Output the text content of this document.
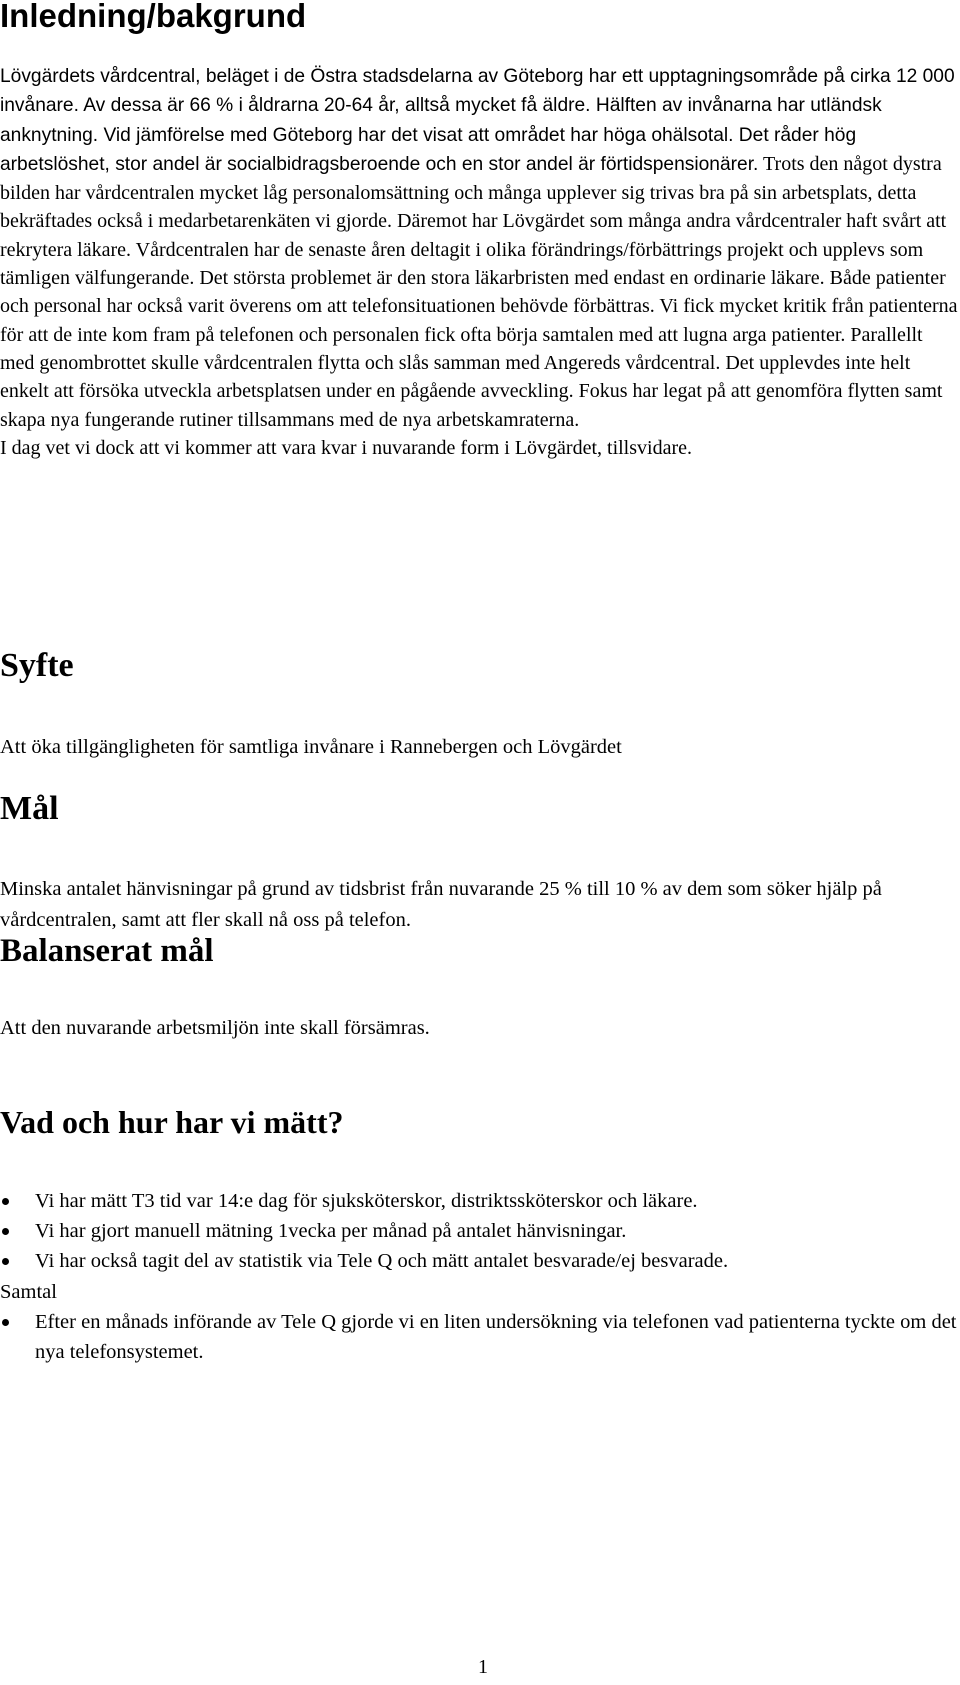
Inledning/bakgrund

Lövgärdets vårdcentral, beläget i de Östra stadsdelarna av Göteborg har ett upptagningsområde på cirka 12 000 invånare. Av dessa är 66 % i åldrarna 20-64 år, alltså mycket få äldre. Hälften av invånarna har utländsk anknytning. Vid jämförelse med Göteborg har det visat att området har höga ohälsotal. Det råder hög arbetslöshet, stor andel är socialbidragsberoende och en stor andel är förtidspensionärer. Trots den något dystra bilden har vårdcentralen mycket låg personalomsättning och många upplever sig trivas bra på sin arbetsplats, detta bekräftades också i medarbetarenkäten vi gjorde. Däremot har Lövgärdet som många andra vårdcentraler haft svårt att rekrytera läkare. Vårdcentralen har de senaste åren deltagit i olika förändrings/förbättrings projekt och upplevs som tämligen välfungerande. Det största problemet är den stora läkarbristen med endast en ordinarie läkare. Både patienter och personal har också varit överens om att telefonsituationen behövde förbättras. Vi fick mycket kritik från patienterna för att de inte kom fram på telefonen och personalen fick ofta börja samtalen med att lugna arga patienter. Parallellt med genombrottet skulle vårdcentralen flytta och slås samman med Angereds vårdcentral. Det upplevdes inte helt enkelt att försöka utveckla arbetsplatsen under en pågående avveckling. Fokus har legat på att genomföra flytten samt skapa nya fungerande rutiner tillsammans med de nya arbetskamraterna.
I dag vet vi dock att vi kommer att vara kvar i nuvarande form i Lövgärdet, tillsvidare.

Syfte

Att öka tillgängligheten för samtliga invånare i Rannebergen och Lövgärdet

Mål

Minska antalet hänvisningar på grund av tidsbrist från nuvarande 25 % till 10 % av dem som söker hjälp på vårdcentralen, samt att fler skall nå oss på telefon.

Balanserat mål

Att den nuvarande arbetsmiljön inte skall försämras.

Vad och hur har vi mätt?
Vi har mätt T3 tid var 14:e dag för sjuksköterskor, distriktssköterskor och läkare.
Vi har gjort manuell mätning 1vecka per månad på antalet hänvisningar.
Vi har också tagit del av statistik via Tele Q och mätt antalet besvarade/ej besvarade.
Samtal
Efter en månads införande av Tele Q gjorde vi en liten undersökning via telefonen vad patienterna tyckte om det nya telefonsystemet.
1
